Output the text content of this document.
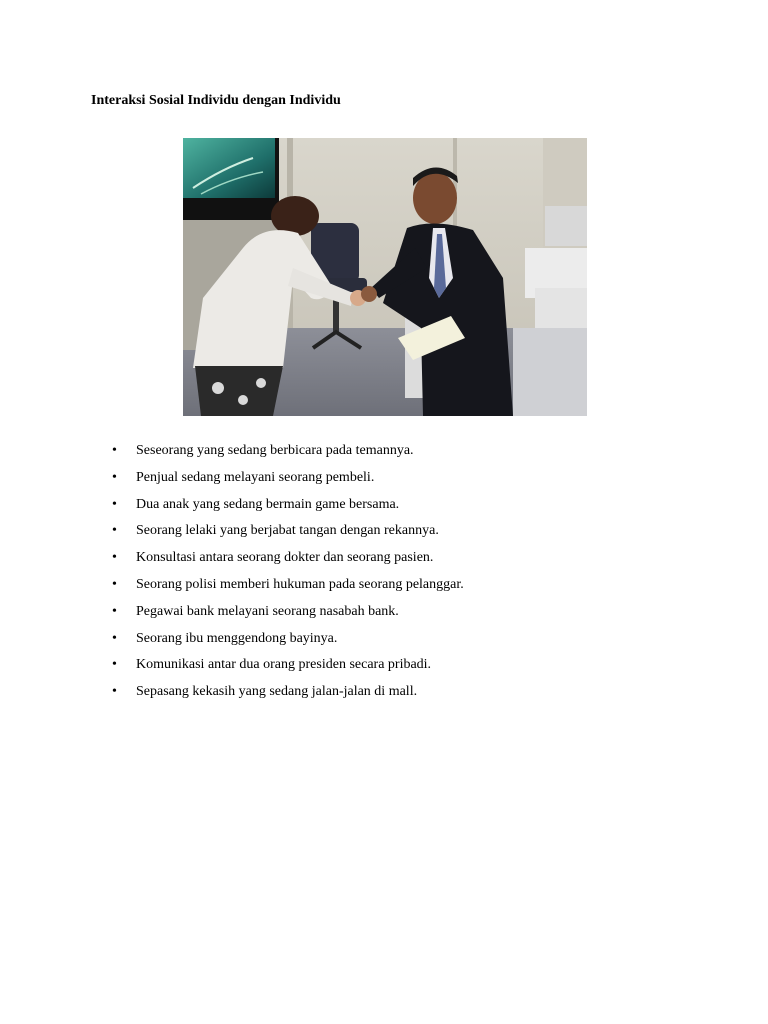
Interaksi Sosial Individu dengan Individu
• Seseorang yang sedang berbicara pada temannya.
• Penjual sedang melayani seorang pembeli.
• Dua anak yang sedang bermain game bersama.
• Seorang lelaki yang berjabat tangan dengan rekannya.
• Konsultasi antara seorang dokter dan seorang pasien.
• Seorang polisi memberi hukuman pada seorang pelanggar.
• Pegawai bank melayani seorang nasabah bank.
• Seorang ibu menggendong bayinya.
• Komunikasi antar dua orang presiden secara pribadi.
• Sepasang kekasih yang sedang jalan-jalan di mall.
